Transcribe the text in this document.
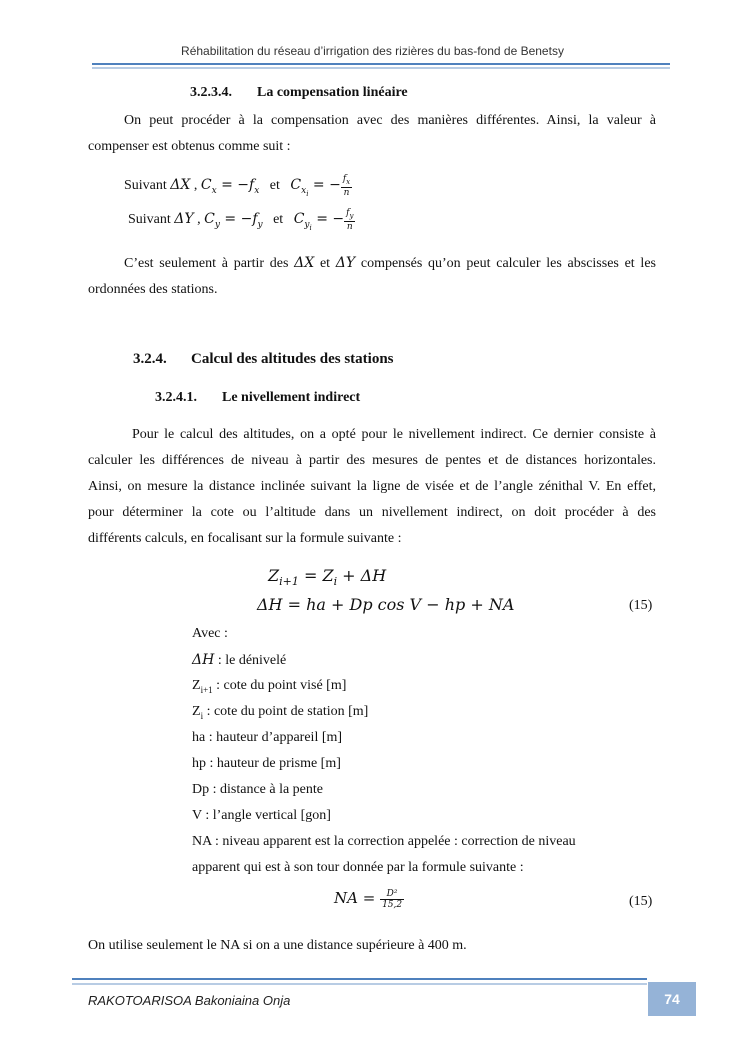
Réhabilitation du réseau d’irrigation des rizières du bas-fond de Benetsy
3.2.3.4. La compensation linéaire
On peut procéder à la compensation avec des manières différentes. Ainsi, la valeur à
compenser est obtenus comme suit :
Suivant ΔX , $C_x = -f_x$ et $C_{x_i}$ = − $\frac{f_x}{n}$
Suivant ΔY , $C_y = -f_y$ et $C_{y_i}$ = − $\frac{f_y}{n}$
C’est seulement à partir des ΔX et ΔY compensés qu’on peut calculer les abscisses et les
ordonnées des stations.
3.2.4. Calcul des altitudes des stations
3.2.4.1. Le nivellement indirect
Pour le calcul des altitudes, on a opté pour le nivellement indirect. Ce dernier consiste à
calculer les différences de niveau à partir des mesures de pentes et de distances horizontales.
Ainsi, on mesure la distance inclinée suivant la ligne de visée et de l’angle zénithal V. En effet,
pour déterminer la cote ou l’altitude dans un nivellement indirect, on doit procéder à des
différents calculs, en focalisant sur la formule suivante :
$Z_{i+1} = Z_i + \Delta H$
ΔH = ha + Dp cos V − hp + NA	(15)
Avec :
ΔH : le dénivelé
$Z_{i+1}$ : cote du point visé [m]
$Z_i$ : cote du point de station [m]
ha : hauteur d’appareil [m]
hp : hauteur de prisme [m]
Dp : distance à la pente
V : l’angle vertical [gon]
NA : niveau apparent est la correction appelée : correction de niveau
apparent qui est à son tour donnée par la formule suivante :
NA = $\frac{\text{D²}}{15,2}$	(15)
On utilise seulement le NA si on a une distance supérieure à 400 m.
RAKOTOARISOA Bakoniaina Onja	74
